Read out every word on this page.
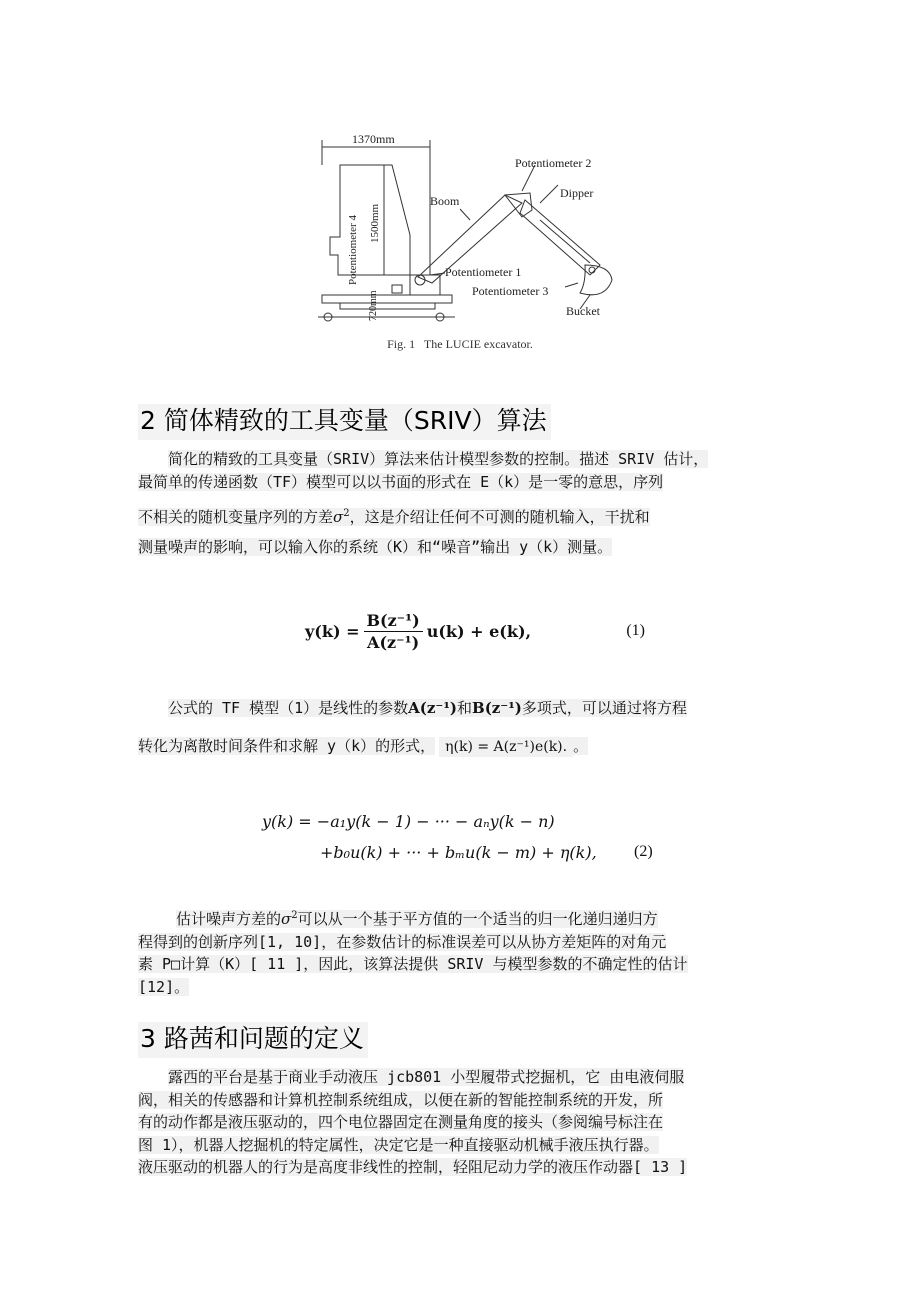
1370mm
1500mm
Potentiometer 4
720mm
Potentiometer 2
Dipper
Boom
Potentiometer 1
Potentiometer 3
Bucket
Fig. 1   The LUCIE excavator.
2 简体精致的工具变量（SRIV）算法
简化的精致的工具变量（SRIV）算法来估计模型参数的控制。描述 SRIV 估计，
最简单的传递函数（TF）模型可以以书面的形式在 E（k）是一零的意思，序列
不相关的随机变量序列的方差$\sigma^2$，这是介绍让任何不可测的随机输入，干扰和
测量噪声的影响，可以输入你的系统（K）和“噪音”输出 y（k）测量。
$y(k) = \frac{\text{B(z⁻¹)}}{\text{A(z⁻¹)}} u(k) + e(k)$,	(1)
公式的 TF 模型（1）是线性的参数A(z⁻¹)和B(z⁻¹)多项式，可以通过将方程
转化为离散时间条件和求解 y（k）的形式， η(k) = A(z⁻¹)e(k). 。
y(k) = −a₁y(k − 1) − ··· − aₙy(k − n)
+b₀u(k) + ··· + bₘu(k − m) + η(k), (2)
估计噪声方差的$\sigma^2$可以从一个基于平方值的一个适当的归一化递归递归方
程得到的创新序列[1, 10]，在参数估计的标准误差可以从协方差矩阵的对角元
素 P□计算（K）[ 11 ]，因此，该算法提供 SRIV 与模型参数的不确定性的估计
[12]。
3 路茜和问题的定义
露西的平台是基于商业手动液压 jcb801 小型履带式挖掘机，它 由电液伺服
阀，相关的传感器和计算机控制系统组成，以便在新的智能控制系统的开发，所
有的动作都是液压驱动的，四个电位器固定在测量角度的接头（参阅编号标注在
图 1），机器人挖掘机的特定属性，决定它是一种直接驱动机械手液压执行器。
液压驱动的机器人的行为是高度非线性的控制，轻阻尼动力学的液压作动器[ 13 ]
